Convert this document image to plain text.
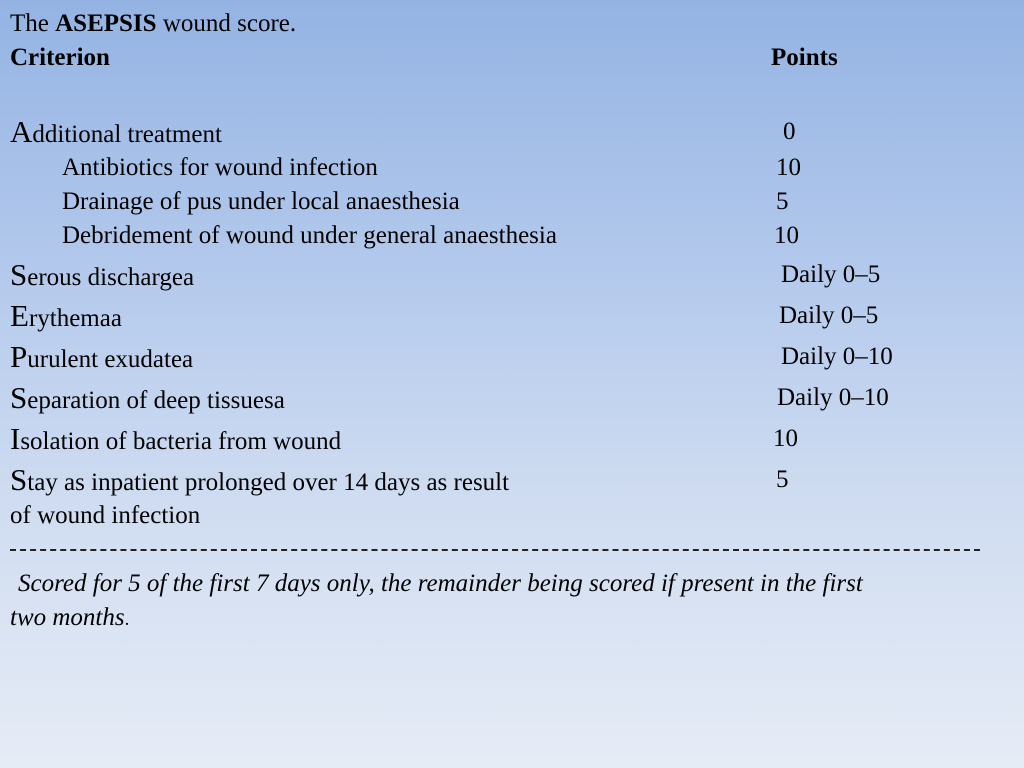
The ASEPSIS wound score.
Criterion	Points
Additional treatment	0
Antibiotics for wound infection	10
Drainage of pus under local anaesthesia	5
Debridement of wound under general anaesthesia	10
Serous dischargea	Daily 0–5
Erythemaa	Daily 0–5
Purulent exudatea	Daily 0–10
Separation of deep tissuesa	Daily 0–10
Isolation of bacteria from wound	10
Stay as inpatient prolonged over 14 days as result	5
of wound infection
Scored for 5 of the first 7 days only, the remainder being scored if present in the first
two months.
